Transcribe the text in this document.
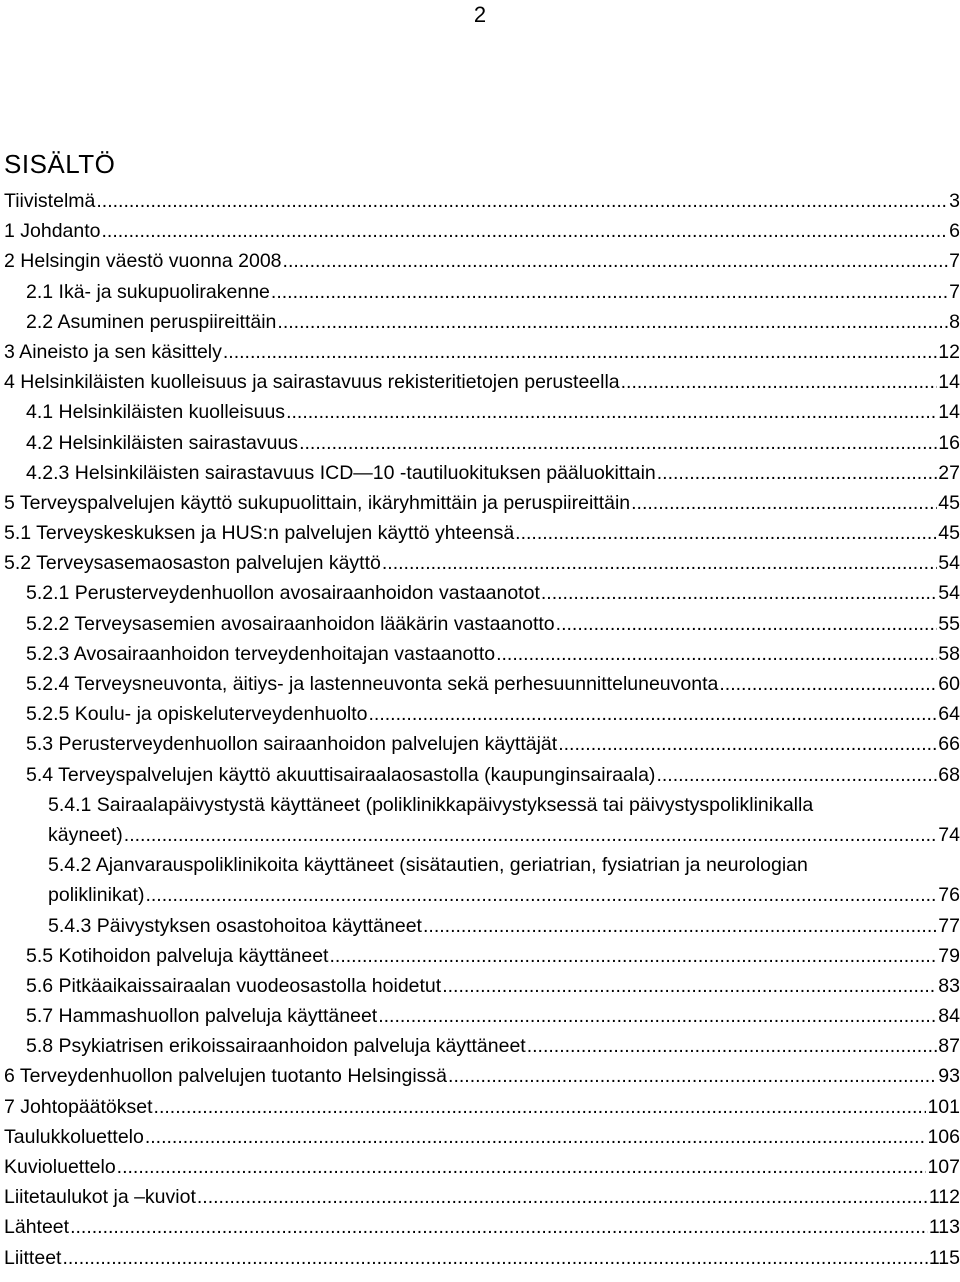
2
SISÄLTÖ
Tiivistelmä .....	3
1 Johdanto .....	6
2 Helsingin väestö vuonna 2008 .....	7
2.1 Ikä- ja sukupuolirakenne .....	7
2.2 Asuminen peruspiireittäin .....	8
3 Aineisto ja sen käsittely .....	12
4 Helsinkiläisten kuolleisuus ja sairastavuus rekisteritietojen perusteella .....	14
4.1 Helsinkiläisten kuolleisuus .....	14
4.2 Helsinkiläisten sairastavuus .....	16
4.2.3 Helsinkiläisten sairastavuus ICD—10 -tautiluokituksen pääluokittain .....	27
5 Terveyspalvelujen käyttö sukupuolittain, ikäryhmittäin ja peruspiireittäin .....	45
5.1 Terveyskeskuksen ja HUS:n palvelujen käyttö yhteensä .....	45
5.2 Terveysasemaosaston palvelujen käyttö .....	54
5.2.1 Perusterveydenhuollon avosairaanhoidon vastaanotot .....	54
5.2.2 Terveysasemien avosairaanhoidon lääkärin vastaanotto .....	55
5.2.3 Avosairaanhoidon terveydenhoitajan vastaanotto .....	58
5.2.4 Terveysneuvonta, äitiys- ja lastenneuvonta sekä perhesuunnitteluneuvonta .....	60
5.2.5 Koulu- ja opiskeluterveydenhuolto .....	64
5.3 Perusterveydenhuollon sairaanhoidon palvelujen käyttäjät .....	66
5.4 Terveyspalvelujen käyttö akuuttisairaalaosastolla (kaupunginsairaala) .....	68
5.4.1 Sairaalapäivystystä käyttäneet (poliklinikkapäivystyksessä tai päivystyspoliklinikalla
käyneet) .....	74
5.4.2 Ajanvarauspoliklinikoita käyttäneet (sisätautien, geriatrian, fysiatrian ja neurologian
poliklinikat) .....	76
5.4.3 Päivystyksen osastohoitoa käyttäneet .....	77
5.5 Kotihoidon palveluja käyttäneet .....	79
5.6 Pitkäaikaissairaalan vuodeosastolla hoidetut .....	83
5.7 Hammashuollon palveluja käyttäneet .....	84
5.8 Psykiatrisen erikoissairaanhoidon palveluja käyttäneet .....	87
6 Terveydenhuollon palvelujen tuotanto Helsingissä .....	93
7 Johtopäätökset .....	101
Taulukkoluettelo .....	106
Kuvioluettelo .....	107
Liitetaulukot ja –kuviot .....	112
Lähteet .....	113
Liitteet .....	115
